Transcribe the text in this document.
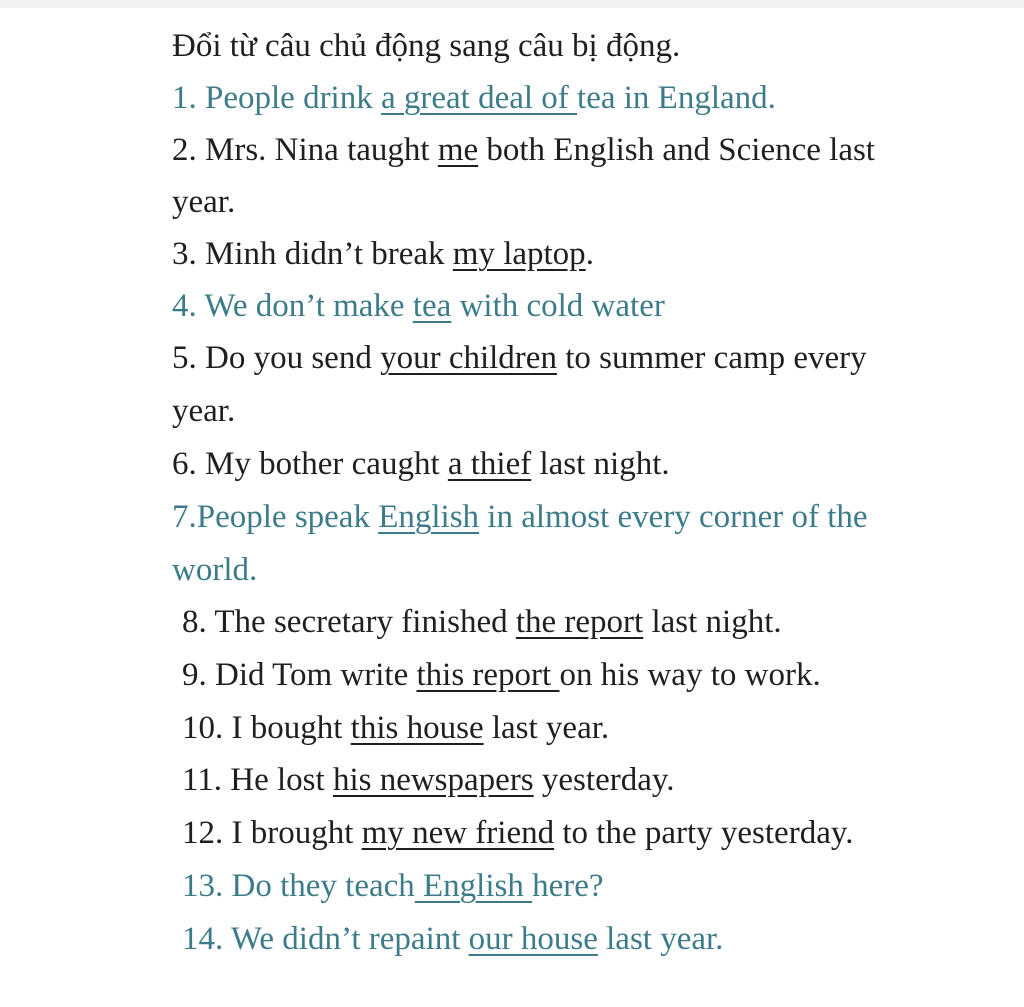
Đổi từ câu chủ động sang câu bị động.
1. People drink a great deal of tea in England.
2. Mrs. Nina taught me both English and Science last
year.
3. Minh didn’t break my laptop.
4. We don’t make tea with cold water
5. Do you send your children to summer camp every
year.
6. My bother caught a thief last night.
7.People speak English in almost every corner of the
world.
8. The secretary finished the report last night.
9. Did Tom write this report on his way to work.
10. I bought this house last year.
11. He lost his newspapers yesterday.
12. I brought my new friend to the party yesterday.
13. Do they teach English here?
14. We didn’t repaint our house last year.
